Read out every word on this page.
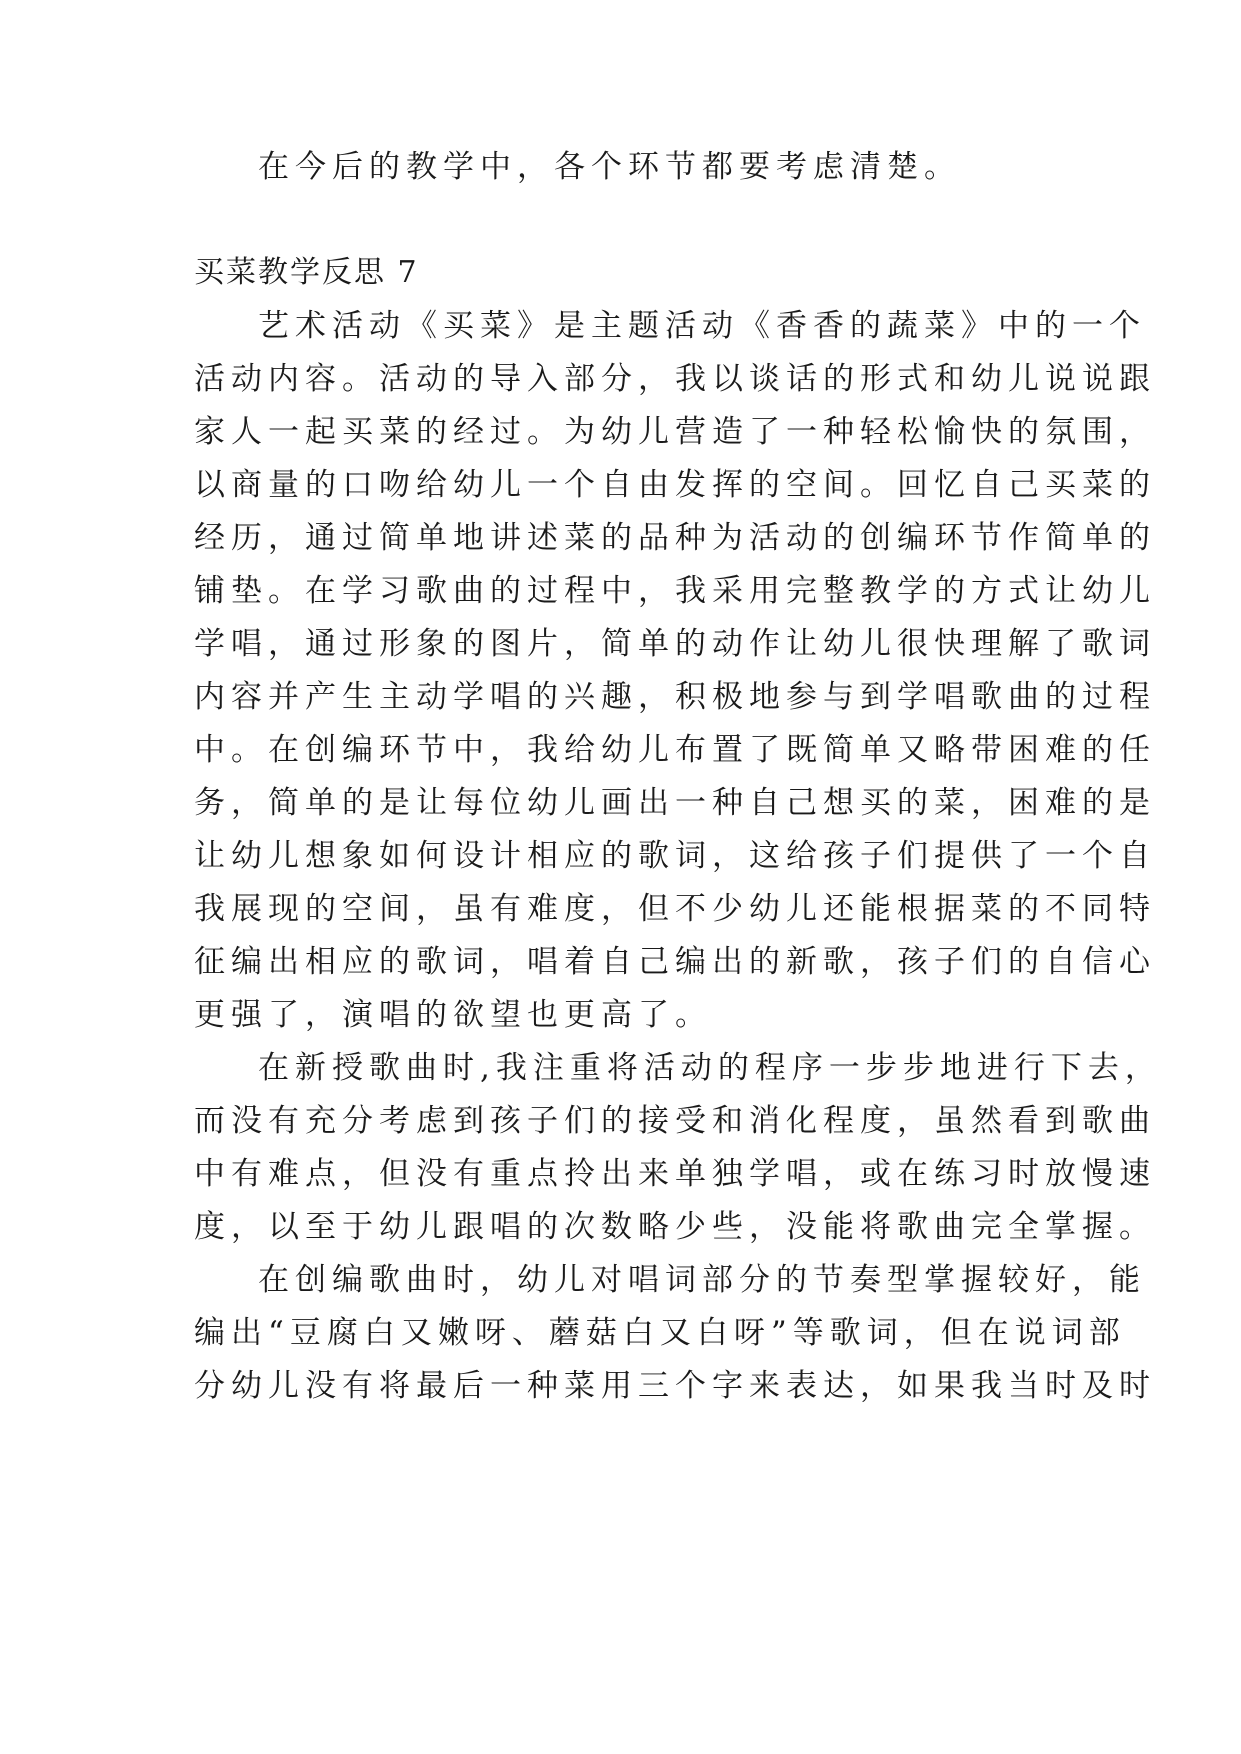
在今后的教学中，各个环节都要考虑清楚。
买菜教学反思 7
艺术活动《买菜》是主题活动《香香的蔬菜》中的一个
活动内容。活动的导入部分，我以谈话的形式和幼儿说说跟
家人一起买菜的经过。为幼儿营造了一种轻松愉快的氛围，
以商量的口吻给幼儿一个自由发挥的空间。回忆自己买菜的
经历，通过简单地讲述菜的品种为活动的创编环节作简单的
铺垫。在学习歌曲的过程中，我采用完整教学的方式让幼儿
学唱，通过形象的图片，简单的动作让幼儿很快理解了歌词
内容并产生主动学唱的兴趣，积极地参与到学唱歌曲的过程
中。在创编环节中，我给幼儿布置了既简单又略带困难的任
务，简单的是让每位幼儿画出一种自己想买的菜，困难的是
让幼儿想象如何设计相应的歌词，这给孩子们提供了一个自
我展现的空间，虽有难度，但不少幼儿还能根据菜的不同特
征编出相应的歌词，唱着自己编出的新歌，孩子们的自信心
更强了，演唱的欲望也更高了。
在新授歌曲时,我注重将活动的程序一步步地进行下去，
而没有充分考虑到孩子们的接受和消化程度，虽然看到歌曲
中有难点，但没有重点拎出来单独学唱，或在练习时放慢速
度，以至于幼儿跟唱的次数略少些，没能将歌曲完全掌握。
在创编歌曲时，幼儿对唱词部分的节奏型掌握较好，能
编出“豆腐白又嫩呀、蘑菇白又白呀”等歌词，但在说词部
分幼儿没有将最后一种菜用三个字来表达，如果我当时及时
